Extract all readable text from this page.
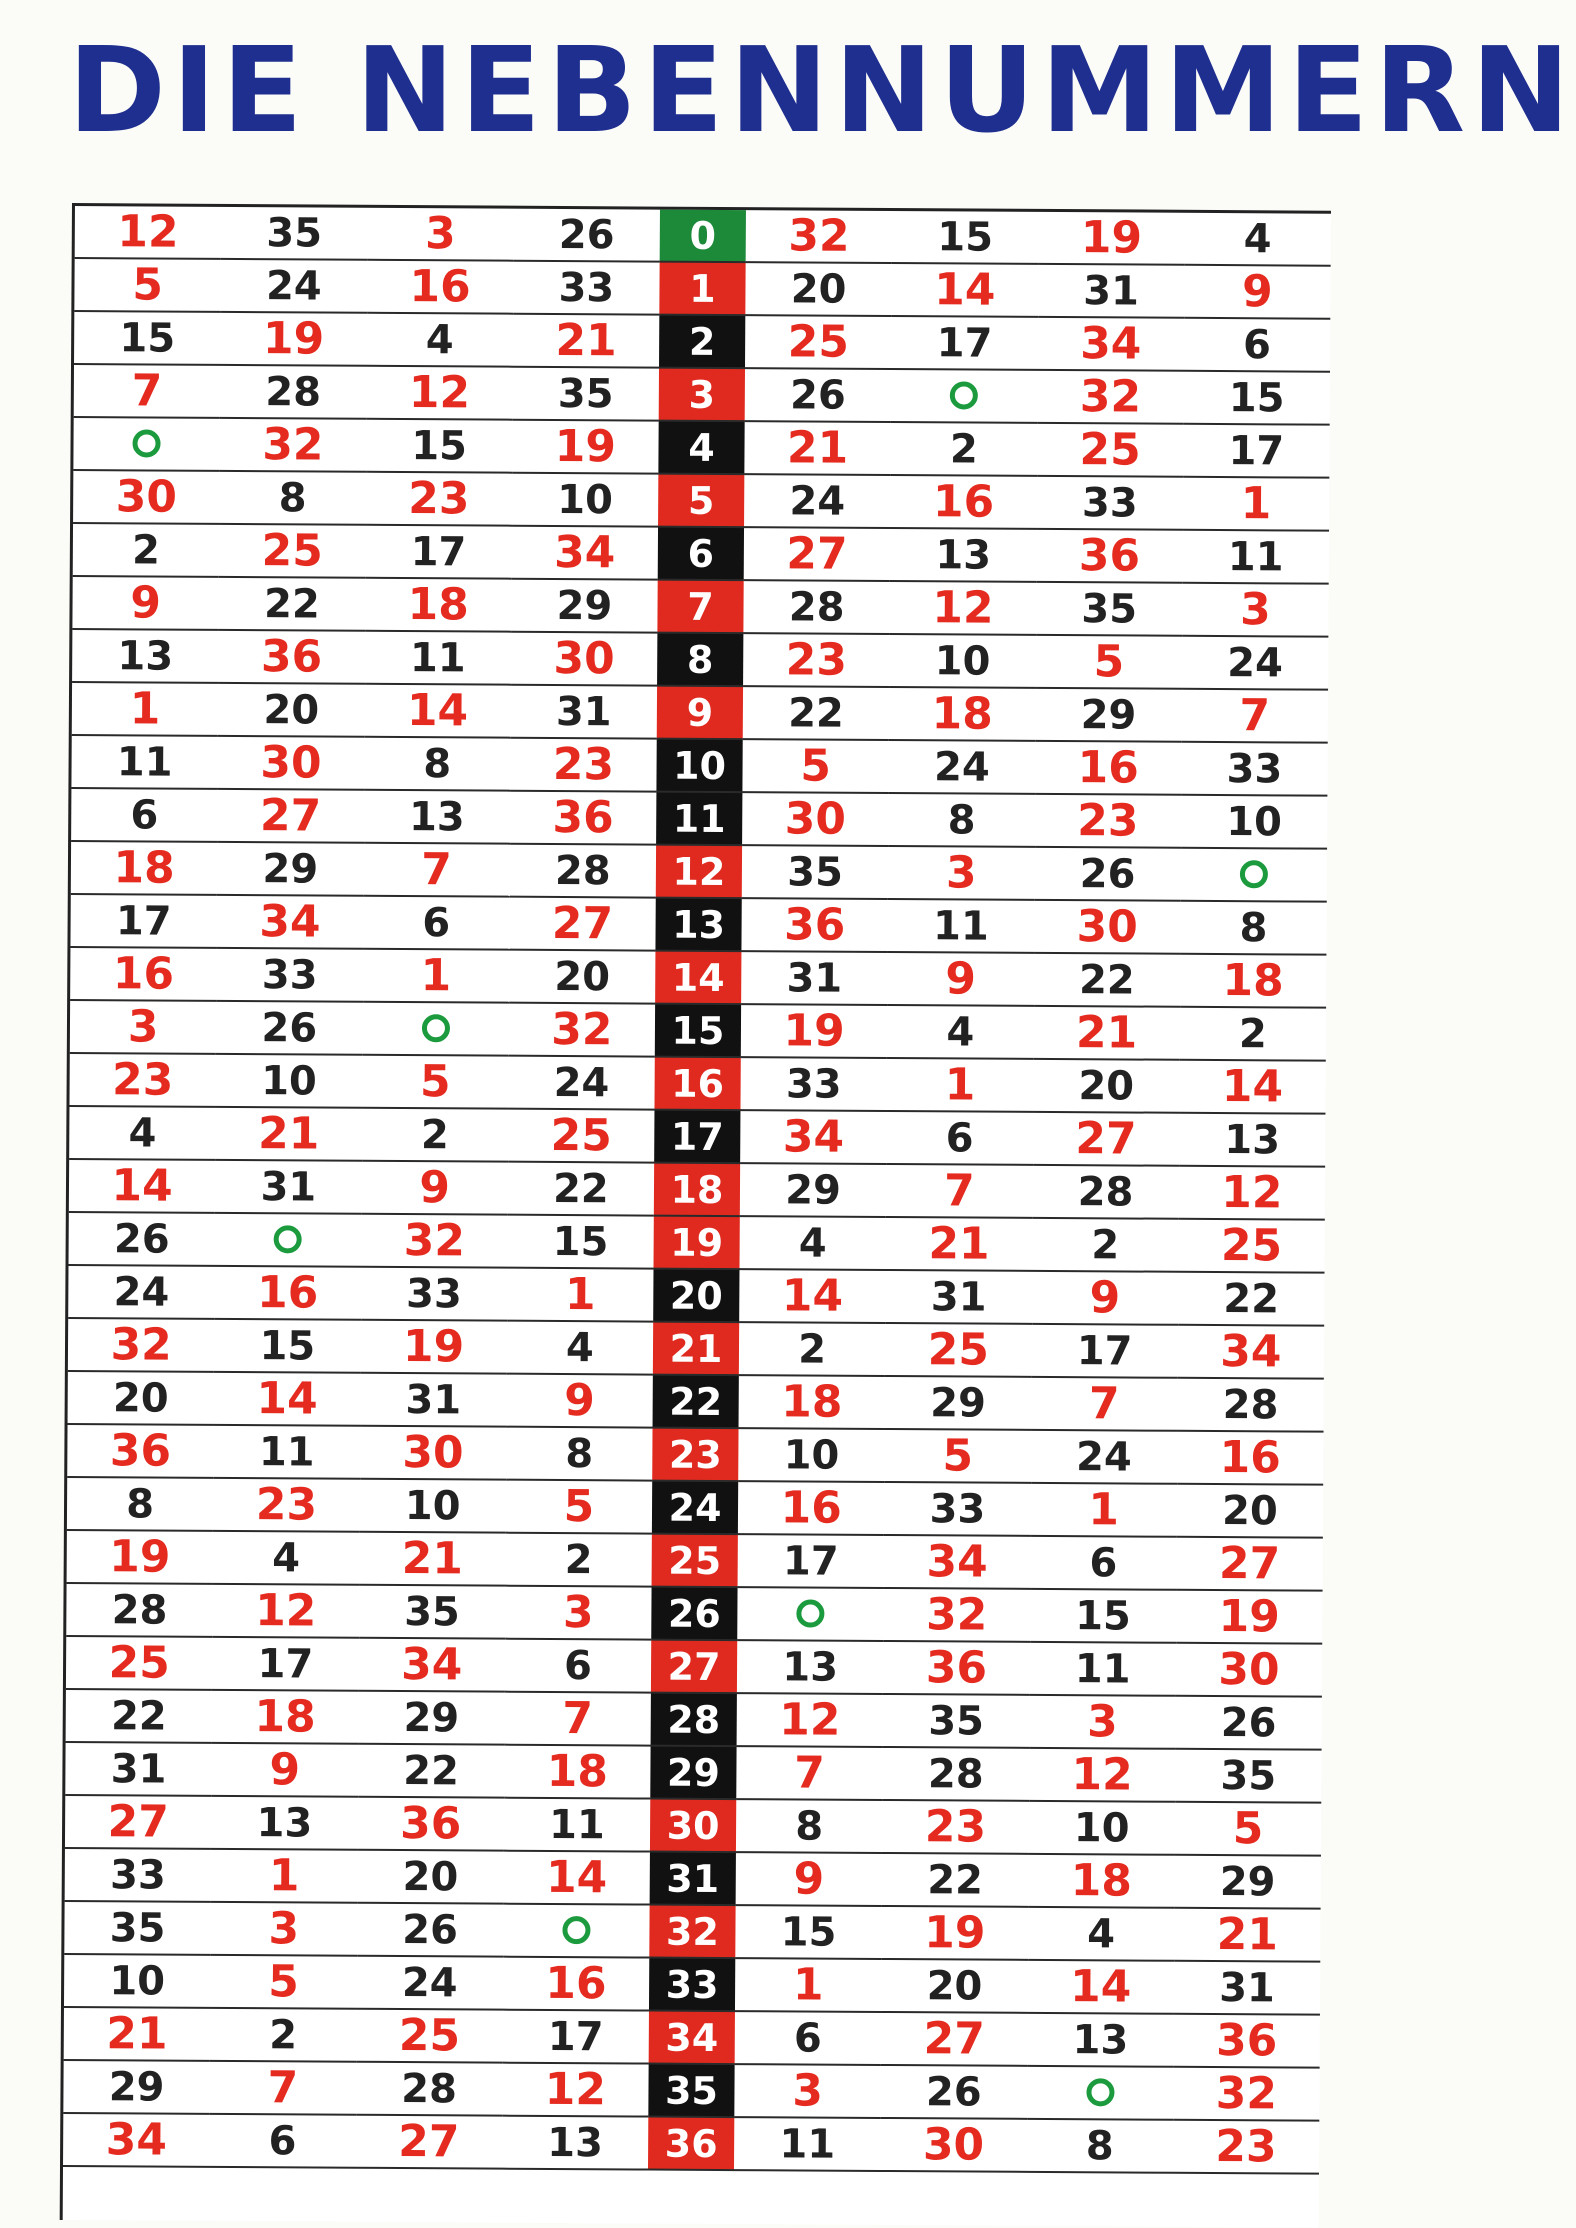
DIE NEBENNUMMERN
12	35	3	26	0	32	15	19	4
5	24	16	33	1	20	14	31	9
15	19	4	21	2	25	17	34	6
7	28	12	35	3	26		32	15
	32	15	19	4	21	2	25	17
30	8	23	10	5	24	16	33	1
2	25	17	34	6	27	13	36	11
9	22	18	29	7	28	12	35	3
13	36	11	30	8	23	10	5	24
1	20	14	31	9	22	18	29	7
11	30	8	23	10	5	24	16	33
6	27	13	36	11	30	8	23	10
18	29	7	28	12	35	3	26	
17	34	6	27	13	36	11	30	8
16	33	1	20	14	31	9	22	18
3	26		32	15	19	4	21	2
23	10	5	24	16	33	1	20	14
4	21	2	25	17	34	6	27	13
14	31	9	22	18	29	7	28	12
26		32	15	19	4	21	2	25
24	16	33	1	20	14	31	9	22
32	15	19	4	21	2	25	17	34
20	14	31	9	22	18	29	7	28
36	11	30	8	23	10	5	24	16
8	23	10	5	24	16	33	1	20
19	4	21	2	25	17	34	6	27
28	12	35	3	26		32	15	19
25	17	34	6	27	13	36	11	30
22	18	29	7	28	12	35	3	26
31	9	22	18	29	7	28	12	35
27	13	36	11	30	8	23	10	5
33	1	20	14	31	9	22	18	29
35	3	26		32	15	19	4	21
10	5	24	16	33	1	20	14	31
21	2	25	17	34	6	27	13	36
29	7	28	12	35	3	26		32
34	6	27	13	36	11	30	8	23
